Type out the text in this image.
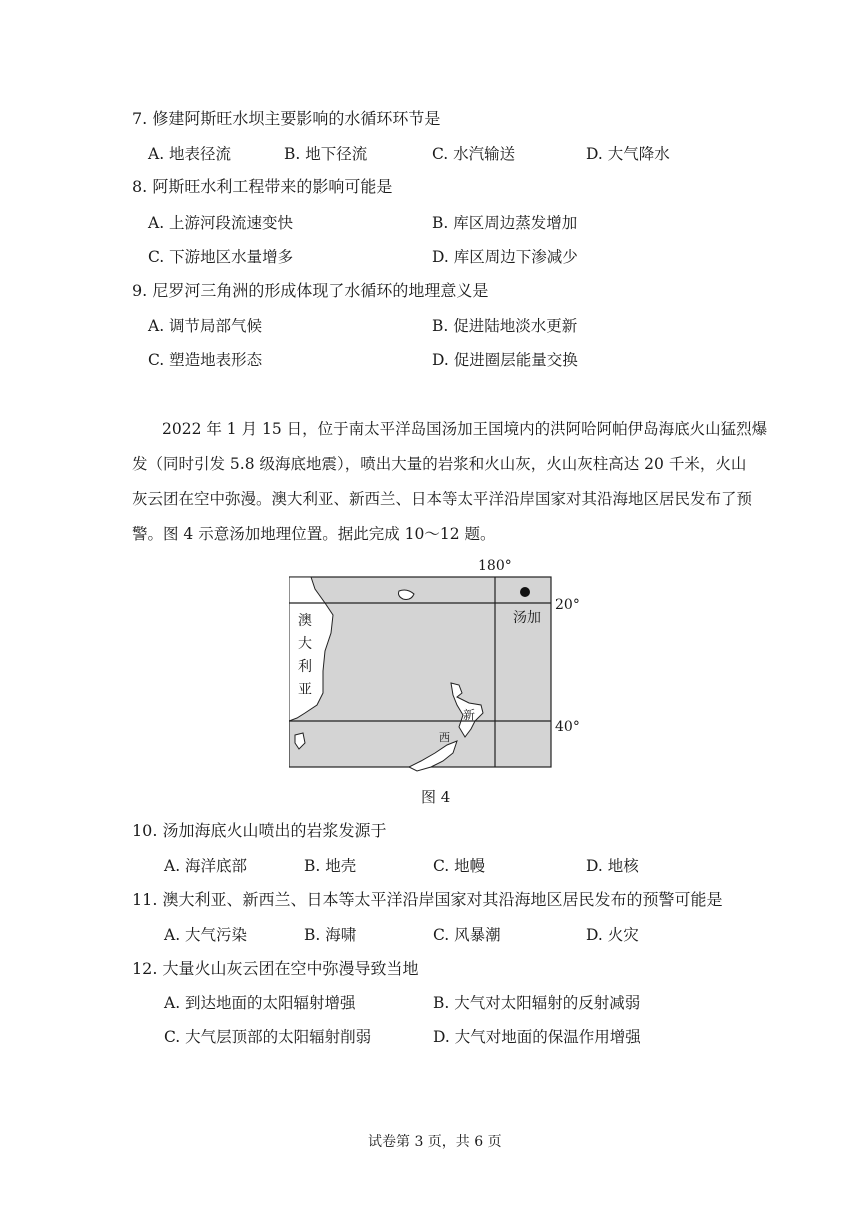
7. 修建阿斯旺水坝主要影响的水循环环节是
A. 地表径流	B. 地下径流	C. 水汽输送	D. 大气降水
8. 阿斯旺水利工程带来的影响可能是
A. 上游河段流速变快	B. 库区周边蒸发增加
C. 下游地区水量增多	D. 库区周边下渗减少
9. 尼罗河三角洲的形成体现了水循环的地理意义是
A. 调节局部气候	B. 促进陆地淡水更新
C. 塑造地表形态	D. 促进圈层能量交换

2022 年 1 月 15 日，位于南太平洋岛国汤加王国境内的洪阿哈阿帕伊岛海底火山猛烈爆

发（同时引发 5.8 级海底地震），喷出大量的岩浆和火山灰，火山灰柱高达 20 千米，火山

灰云团在空中弥漫。澳大利亚、新西兰、日本等太平洋沿岸国家对其沿海地区居民发布了预

警。图 4 示意汤加地理位置。据此完成 10～12 题。

180°
20°
40°
汤加
澳
大
利
亚
新
西
图 4
10. 汤加海底火山喷出的岩浆发源于
A. 海洋底部	B. 地壳	C. 地幔	D. 地核
11. 澳大利亚、新西兰、日本等太平洋沿岸国家对其沿海地区居民发布的预警可能是
A. 大气污染	B. 海啸	C. 风暴潮	D. 火灾
12. 大量火山灰云团在空中弥漫导致当地
A. 到达地面的太阳辐射增强	B. 大气对太阳辐射的反射减弱
C. 大气层顶部的太阳辐射削弱	D. 大气对地面的保温作用增强
试卷第 3 页，共 6 页
